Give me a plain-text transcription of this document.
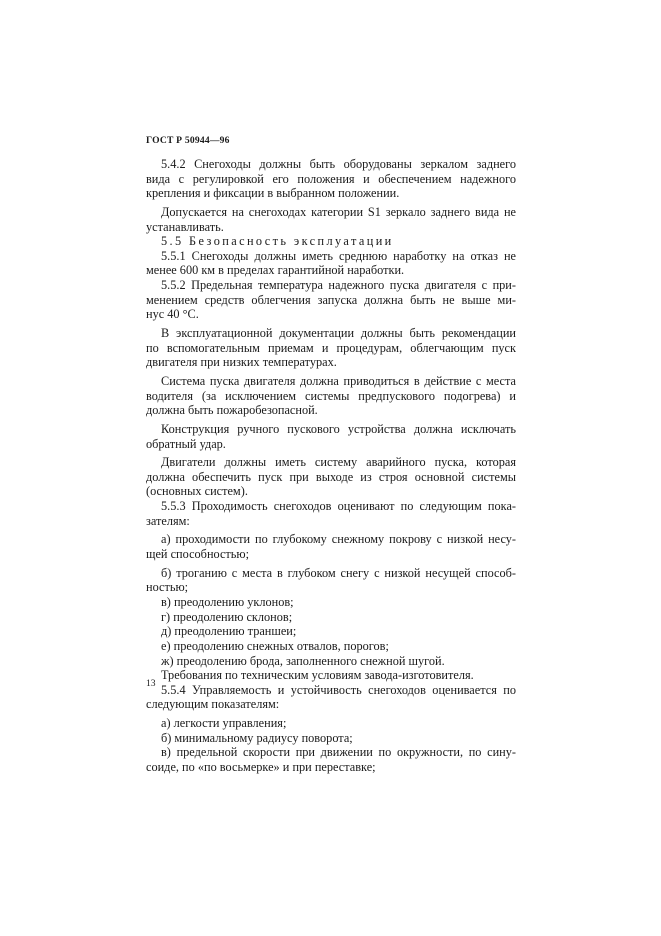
ГОСТ Р 50944—96
5.4.2 Снегоходы должны быть оборудованы зеркалом заднего
вида с регулировкой его положения и обеспечением надежного
крепления и фиксации в выбранном положении.
Допускается на снегоходах категории S1 зеркало заднего вида не
устанавливать.
5.5 Безопасность эксплуатации
5.5.1 Снегоходы должны иметь среднюю наработку на отказ не
менее 600 км в пределах гарантийной наработки.
5.5.2 Предельная температура надежного пуска двигателя с при-
менением средств облегчения запуска должна быть не выше ми-
нус 40 °С.
В эксплуатационной документации должны быть рекомендации
по вспомогательным приемам и процедурам, облегчающим пуск
двигателя при низких температурах.
Система пуска двигателя должна приводиться в действие с места
водителя (за исключением системы предпускового подогрева) и
должна быть пожаробезопасной.
Конструкция ручного пускового устройства должна исключать
обратный удар.
Двигатели должны иметь систему аварийного пуска, которая
должна обеспечить пуск при выходе из строя основной системы
(основных систем).
5.5.3 Проходимость снегоходов оценивают по следующим пока-
зателям:
а) проходимости по глубокому снежному покрову с низкой несу-
щей способностью;
б) троганию с места в глубоком снегу с низкой несущей способ-
ностью;
в) преодолению уклонов;
г) преодолению склонов;
д) преодолению траншеи;
е) преодолению снежных отвалов, порогов;
ж) преодолению брода, заполненного снежной шугой.
Требования по техническим условиям завода-изготовителя.
5.5.4 Управляемость и устойчивость снегоходов оценивается по
следующим показателям:
а) легкости управления;
б) минимальному радиусу поворота;
в) предельной скорости при движении по окружности, по сину-
соиде, по «по восьмерке» и при переставке;
13
